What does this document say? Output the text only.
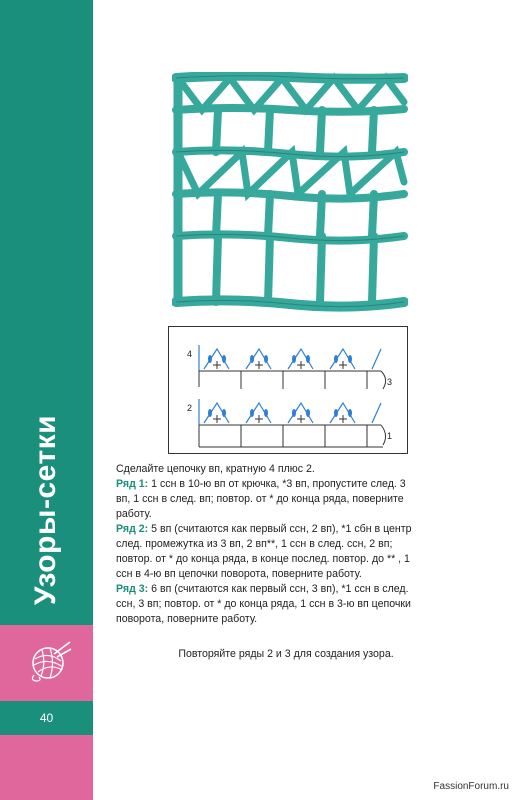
Узоры-сетки
40
4
3
2
1

Сделайте цепочку вп, кратную 4 плюс 2.

Ряд 1: 1 ссн в 10-ю вп от крючка, *3 вп, пропустите след. 3 вп, 1 ссн в след. вп; повтор. от * до конца ряда, поверните работу.

Ряд 2: 5 вп (считаются как первый ссн, 2 вп), *1 сбн в центр след. промежутка из 3 вп, 2 вп**, 1 ссн в след. ссн, 2 вп; повтор. от * до конца ряда, в конце послед. повтор. до ** , 1 ссн в 4-ю вп цепочки поворота, поверните работу.

Ряд 3: 6 вп (считаются как первый ссн, 3 вп), *1 ссн в след. ссн, 3 вп; повтор. от * до конца ряда, 1 ссн в 3-ю вп цепочки поворота, поверните работу.

Повторяйте ряды 2 и 3 для создания узора.
FassionForum.ru
